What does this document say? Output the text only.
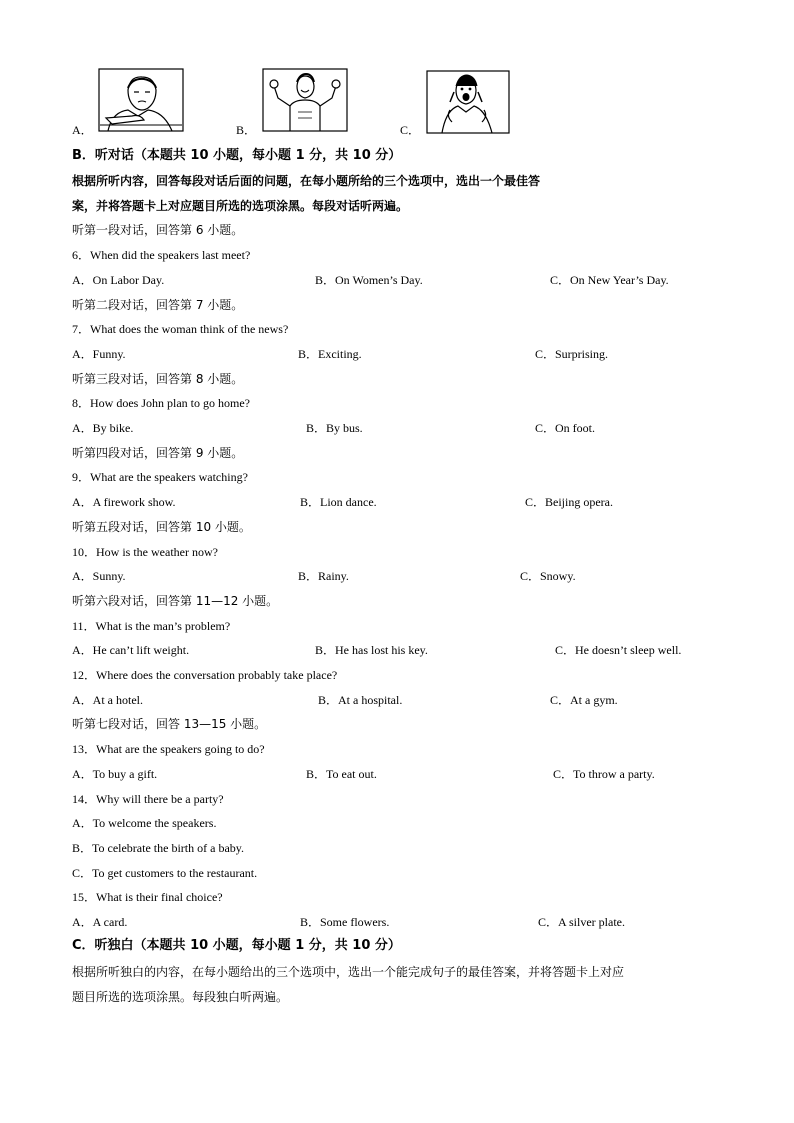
A．	B．	C．
B．听对话（本题共 10 小题，每小题 1 分，共 10 分）
根据所听内容，回答每段对话后面的问题，在每小题所给的三个选项中，选出一个最佳答
案，并将答题卡上对应题目所选的选项涂黑。每段对话听两遍。
听第一段对话，回答第 6 小题。
6．When did the speakers last meet?
A．On Labor Day.	B．On Women’s Day.	C．On New Year’s Day.
听第二段对话，回答第 7 小题。
7．What does the woman think of the news?
A．Funny.	B．Exciting.	C．Surprising.
听第三段对话，回答第 8 小题。
8．How does John plan to go home?
A．By bike.	B．By bus.	C．On foot.
听第四段对话，回答第 9 小题。
9．What are the speakers watching?
A．A firework show.	B．Lion dance.	C．Beijing opera.
听第五段对话，回答第 10 小题。
10．How is the weather now?
A．Sunny.	B．Rainy.	C．Snowy.
听第六段对话，回答第 11—12 小题。
11．What is the man’s problem?
A．He can’t lift weight.	B．He has lost his key.	C．He doesn’t sleep well.
12．Where does the conversation probably take place?
A．At a hotel.	B．At a hospital.	C．At a gym.
听第七段对话，回答 13—15 小题。
13．What are the speakers going to do?
A．To buy a gift.	B．To eat out.	C．To throw a party.
14．Why will there be a party?
A．To welcome the speakers.
B．To celebrate the birth of a baby.
C．To get customers to the restaurant.
15．What is their final choice?
A．A card.	B．Some flowers.	C．A silver plate.
C．听独白（本题共 10 小题，每小题 1 分，共 10 分）
根据所听独白的内容，在每小题给出的三个选项中，选出一个能完成句子的最佳答案，并将答题卡上对应
题目所选的选项涂黑。每段独白听两遍。
